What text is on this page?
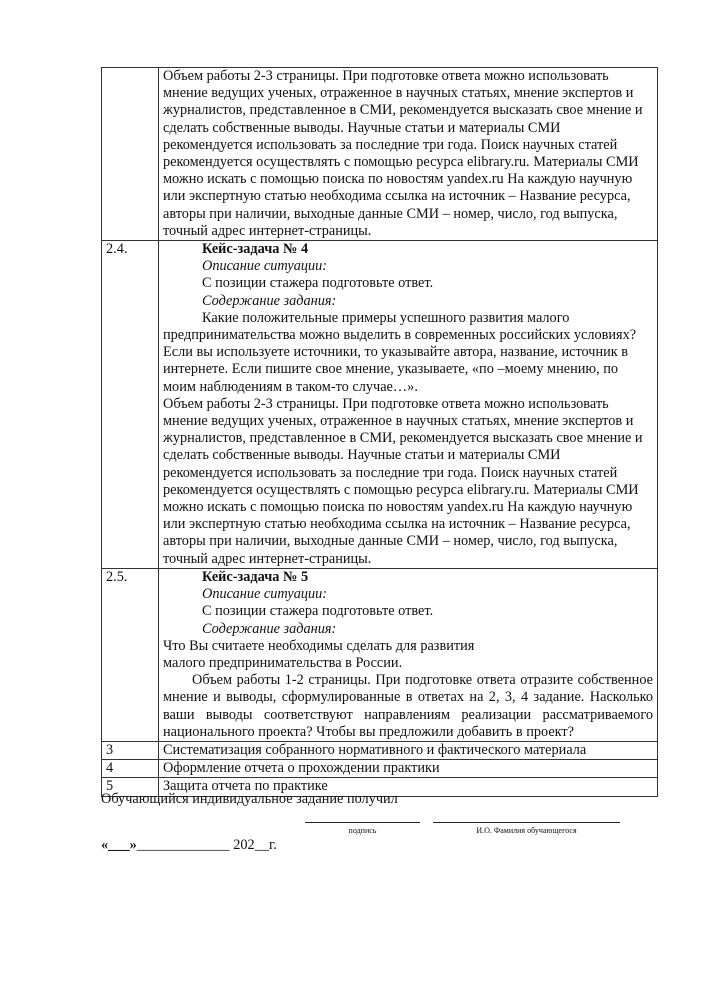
	Объем работы 2-3 страницы. При подготовке ответа можно использовать мнение ведущих ученых, отраженное в научных статьях, мнение экспертов и журналистов, представленное в СМИ, рекомендуется высказать свое мнение и сделать собственные выводы. Научные статьи и материалы СМИ рекомендуется использовать за последние три года. Поиск научных статей рекомендуется осуществлять с помощью ресурса elibrary.ru. Материалы СМИ можно искать с помощью поиска по новостям yandex.ru На каждую научную или экспертную статью необходима ссылка на источник – Название ресурса, авторы при наличии, выходные данные СМИ – номер, число, год выпуска, точный адрес интернет-страницы.

2.4.	Кейс-задача № 4

Описание ситуации:

С позиции стажера подготовьте ответ.

Содержание задания:

Какие положительные примеры успешного развития малого предпринимательства можно выделить в современных российских условиях? Если вы используете источники, то указывайте автора, название, источник в интернете. Если пишите свое мнение, указываете, «по –моему мнению, по моим наблюдениям в таком-то случае…».

Объем работы 2-3 страницы. При подготовке ответа можно использовать мнение ведущих ученых, отраженное в научных статьях, мнение экспертов и журналистов, представленное в СМИ, рекомендуется высказать свое мнение и сделать собственные выводы. Научные статьи и материалы СМИ рекомендуется использовать за последние три года. Поиск научных статей рекомендуется осуществлять с помощью ресурса elibrary.ru. Материалы СМИ можно искать с помощью поиска по новостям yandex.ru На каждую научную или экспертную статью необходима ссылка на источник – Название ресурса, авторы при наличии, выходные данные СМИ – номер, число, год выпуска, точный адрес интернет-страницы.

2.5.	Кейс-задача № 5

Описание ситуации:

С позиции стажера подготовьте ответ.

Содержание задания:

Что Вы считаете необходимы сделать для развития малого предпринимательства в России.

Объем работы 1-2 страницы. При подготовке ответа отразите собственное мнение и выводы, сформулированные в ответах на 2, 3, 4 задание. Насколько ваши выводы соответствуют направлениям реализации рассматриваемого национального проекта? Чтобы вы предложили добавить в проект?

3	Систематизация собранного нормативного и фактического материала
4	Оформление отчета о прохождении практики
5	Защита отчета по практике
Обучающийся индивидуальное задание получил
подпись	И.О. Фамилия обучающегося
«___»_____________ 202__г.
